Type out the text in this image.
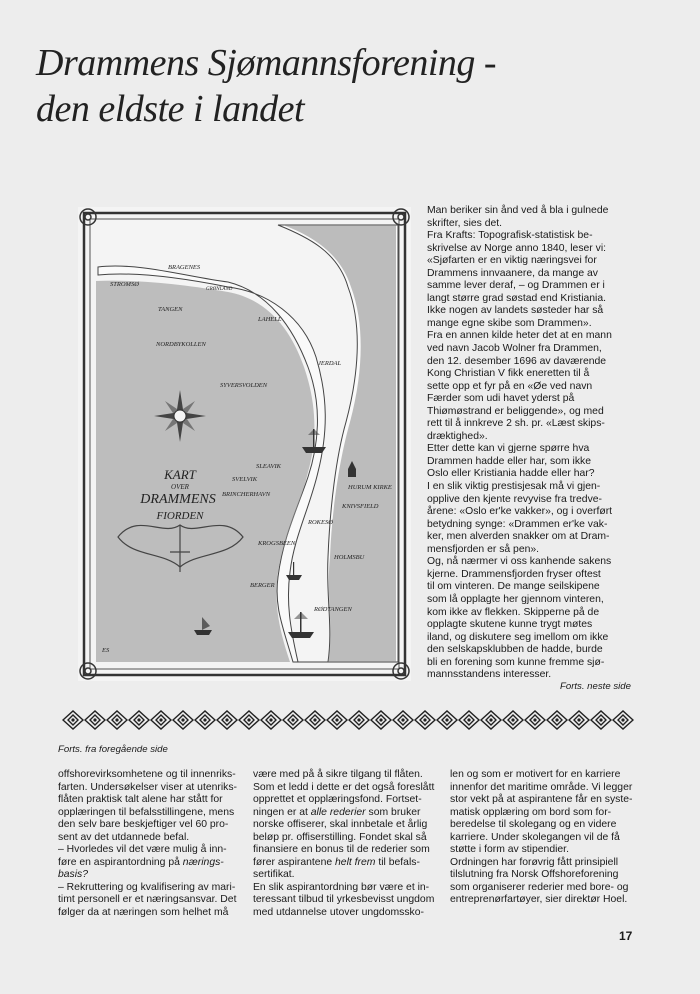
Drammens Sjømannsforening -
den eldste i landet
KART
OVER
DRAMMENS
FIORDEN
BRAGENES
STROMSØ
GRØNLAND
TANGEN
LAHELL
NORDBYKOLLEN
JERDAL
SYVERSVOLDEN
SLEAVIK
SVELVIK
BRINCHERHAVN
HURUM KIRKE
KNIVSFIELD
ROKESØ
KROGSBEEN
HOLMSBU
BERGER
RØDTANGEN
ES
Man beriker sin ånd ved å bla i gulnede
skrifter, sies det.
Fra Krafts: Topografisk-statistisk be-
skrivelse av Norge anno 1840, leser vi:
«Sjøfarten er en viktig næringsvei for
Drammens innvaanere, da mange av
samme lever deraf, – og Drammen er i
langt større grad søstad end Kristiania.
Ikke nogen av landets søsteder har så
mange egne skibe som Drammen».
Fra en annen kilde heter det at en mann
ved navn Jacob Wolner fra Drammen,
den 12. desember 1696 av daværende
Kong Christian V fikk eneretten til å
sette opp et fyr på en «Øe ved navn
Færder som udi havet yderst på
Thiømøstrand er beliggende», og med
rett til å innkreve 2 sh. pr. «Læst skips-
dræktighed».
Etter dette kan vi gjerne spørre hva
Drammen hadde eller har, som ikke
Oslo eller Kristiania hadde eller har?
I en slik viktig prestisjesak må vi gjen-
opplive den kjente revyvise fra tredve-
årene: «Oslo er'ke vakker», og i overført
betydning synge: «Drammen er'ke vak-
ker, men alverden snakker om at Dram-
mensfjorden er så pen».
Og, nå nærmer vi oss kanhende sakens
kjerne. Drammensfjorden fryser oftest
til om vinteren. De mange seilskipene
som lå opplagte her gjennom vinteren,
kom ikke av flekken. Skipperne på de
opplagte skutene kunne trygt møtes
iland, og diskutere seg imellom om ikke
den selskapsklubben de hadde, burde
bli en forening som kunne fremme sjø-
mannsstandens interesser.
Forts. neste side
Forts. fra foregående side
offshorevirksomhetene og til innenriks-
farten. Undersøkelser viser at utenriks-
flåten praktisk talt alene har stått for
opplæringen til befalsstillingene, mens
den selv bare beskjeftiger vel 60 pro-
sent av det utdannede befal.
– Hvorledes vil det være mulig å inn-
føre en aspirantordning på nærings-
basis?
– Rekruttering og kvalifisering av mari-
timt personell er et næringsansvar. Det
følger da at næringen som helhet må
være med på å sikre tilgang til flåten.
Som et ledd i dette er det også foreslått
opprettet et opplæringsfond. Fortset-
ningen er at alle rederier som bruker
norske offiserer, skal innbetale et årlig
beløp pr. offiserstilling. Fondet skal så
finansiere en bonus til de rederier som
fører aspirantene helt frem til befals-
sertifikat.
En slik aspirantordning bør være et in-
teressant tilbud til yrkesbevisst ungdom
med utdannelse utover ungdomssko-
len og som er motivert for en karriere
innenfor det maritime område. Vi legger
stor vekt på at aspirantene får en syste-
matisk opplæring om bord som for-
beredelse til skolegang og en videre
karriere. Under skolegangen vil de få
støtte i form av stipendier.
Ordningen har forøvrig fått prinsipiell
tilslutning fra Norsk Offshoreforening
som organiserer rederier med bore- og
entreprenørfartøyer, sier direktør Hoel.
17
